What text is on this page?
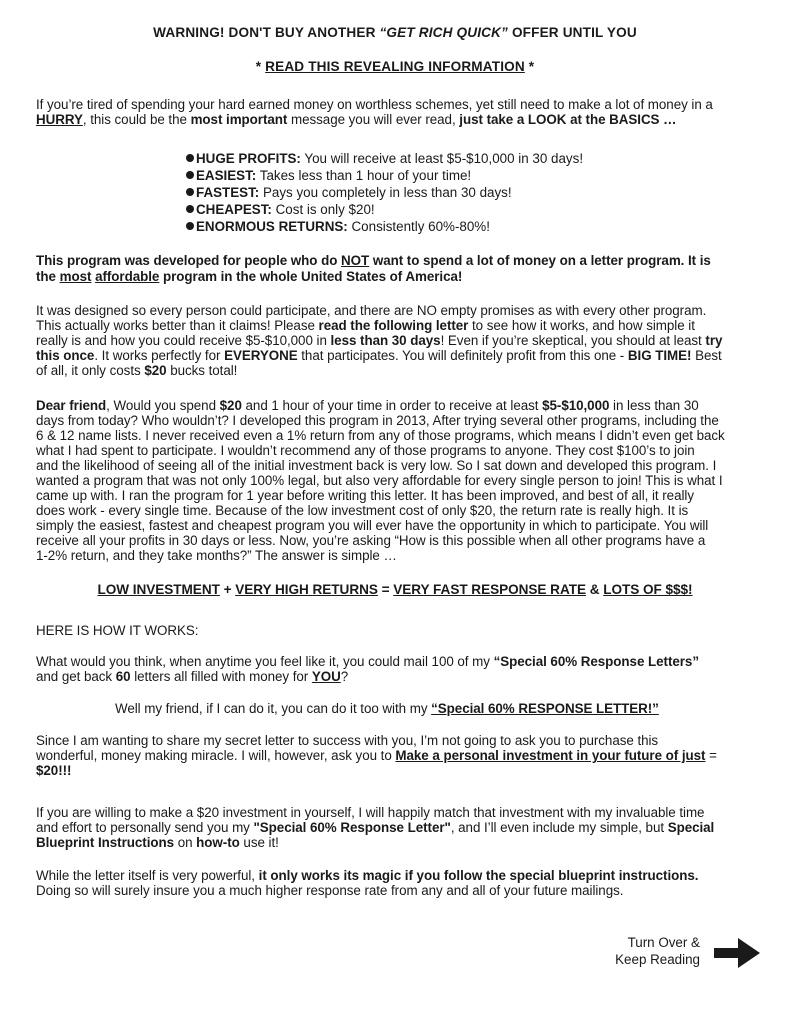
WARNING! DON'T BUY ANOTHER “GET RICH QUICK” OFFER UNTIL YOU

* READ THIS REVEALING INFORMATION *

If you’re tired of spending your hard earned money on worthless schemes, yet still need to make a lot of money in a

HURRY, this could be the most important message you will ever read, just take a LOOK at the BASICS …

HUGE PROFITS: You will receive at least $5-$10,000 in 30 days!
EASIEST: Takes less than 1 hour of your time!
FASTEST: Pays you completely in less than 30 days!
CHEAPEST: Cost is only $20!
ENORMOUS RETURNS: Consistently 60%-80%!

This program was developed for people who do NOT want to spend a lot of money on a letter program. It is

the most affordable program in the whole United States of America!

It was designed so every person could participate, and there are NO empty promises as with every other program.

This actually works better than it claims! Please read the following letter to see how it works, and how simple it

really is and how you could receive $5-$10,000 in less than 30 days! Even if you’re skeptical, you should at least try

this once. It works perfectly for EVERYONE that participates. You will definitely profit from this one - BIG TIME! Best

of all, it only costs $20 bucks total!

Dear friend, Would you spend $20 and 1 hour of your time in order to receive at least $5-$10,000 in less than 30

days from today? Who wouldn’t? I developed this program in 2013, After trying several other programs, including the

6 & 12 name lists. I never received even a 1% return from any of those programs, which means I didn’t even get back

what I had spent to participate. I wouldn’t recommend any of those programs to anyone. They cost $100’s to join

and the likelihood of seeing all of the initial investment back is very low. So I sat down and developed this program. I

wanted a program that was not only 100% legal, but also very affordable for every single person to join! This is what I

came up with. I ran the program for 1 year before writing this letter. It has been improved, and best of all, it really

does work - every single time. Because of the low investment cost of only $20, the return rate is really high. It is

simply the easiest, fastest and cheapest program you will ever have the opportunity in which to participate. You will

receive all your profits in 30 days or less. Now, you’re asking “How is this possible when all other programs have a

1-2% return, and they take months?” The answer is simple …

LOW INVESTMENT + VERY HIGH RETURNS = VERY FAST RESPONSE RATE & LOTS OF $$$!

HERE IS HOW IT WORKS:

What would you think, when anytime you feel like it, you could mail 100 of my “Special 60% Response Letters”

and get back 60 letters all filled with money for YOU?

Well my friend, if I can do it, you can do it too with my “Special 60% RESPONSE LETTER!”

Since I am wanting to share my secret letter to success with you, I’m not going to ask you to purchase this

wonderful, money making miracle. I will, however, ask you to Make a personal investment in your future of just =

$20!!!

If you are willing to make a $20 investment in yourself, I will happily match that investment with my invaluable time

and effort to personally send you my "Special 60% Response Letter", and I’ll even include my simple, but Special

Blueprint Instructions on how-to use it!

While the letter itself is very powerful, it only works its magic if you follow the special blueprint instructions.

Doing so will surely insure you a much higher response rate from any and all of your future mailings.

Turn Over &
Keep Reading
